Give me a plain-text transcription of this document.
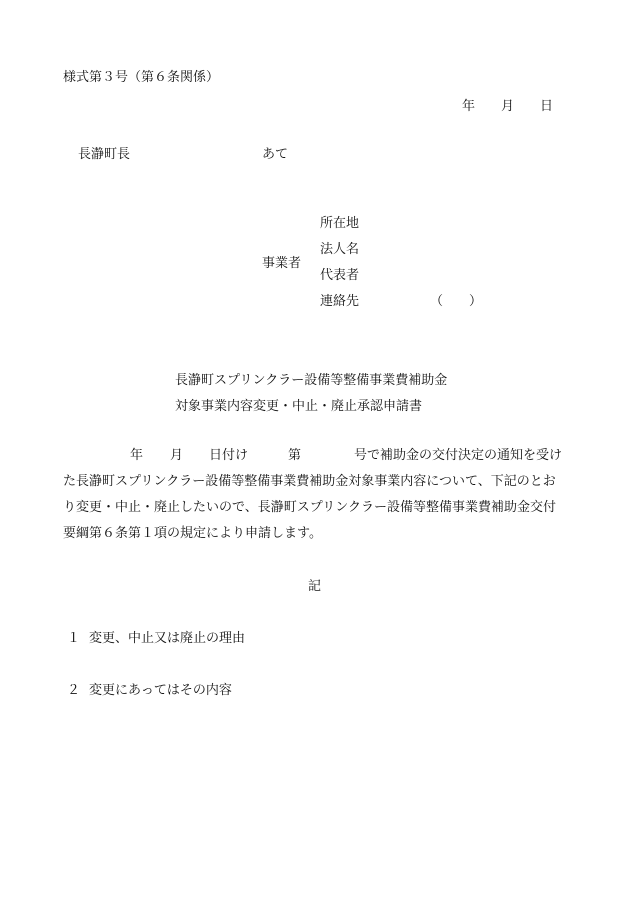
様式第３号（第６条関係）
年 月 日
長瀞町長	あて
事業者
所在地
法人名
代表者
連絡先	（　　）
長瀞町スプリンクラー設備等整備事業費補助金
対象事業内容変更・中止・廃止承認申請書
年 月 日付け	第	号で補助金の交付決定の通知を受け
た長瀞町スプリンクラー設備等整備事業費補助金対象事業内容について、下記のとお
り変更・中止・廃止したいので、長瀞町スプリンクラー設備等整備事業費補助金交付
要綱第６条第１項の規定により申請します。
記
１ 変更、中止又は廃止の理由
２ 変更にあってはその内容
